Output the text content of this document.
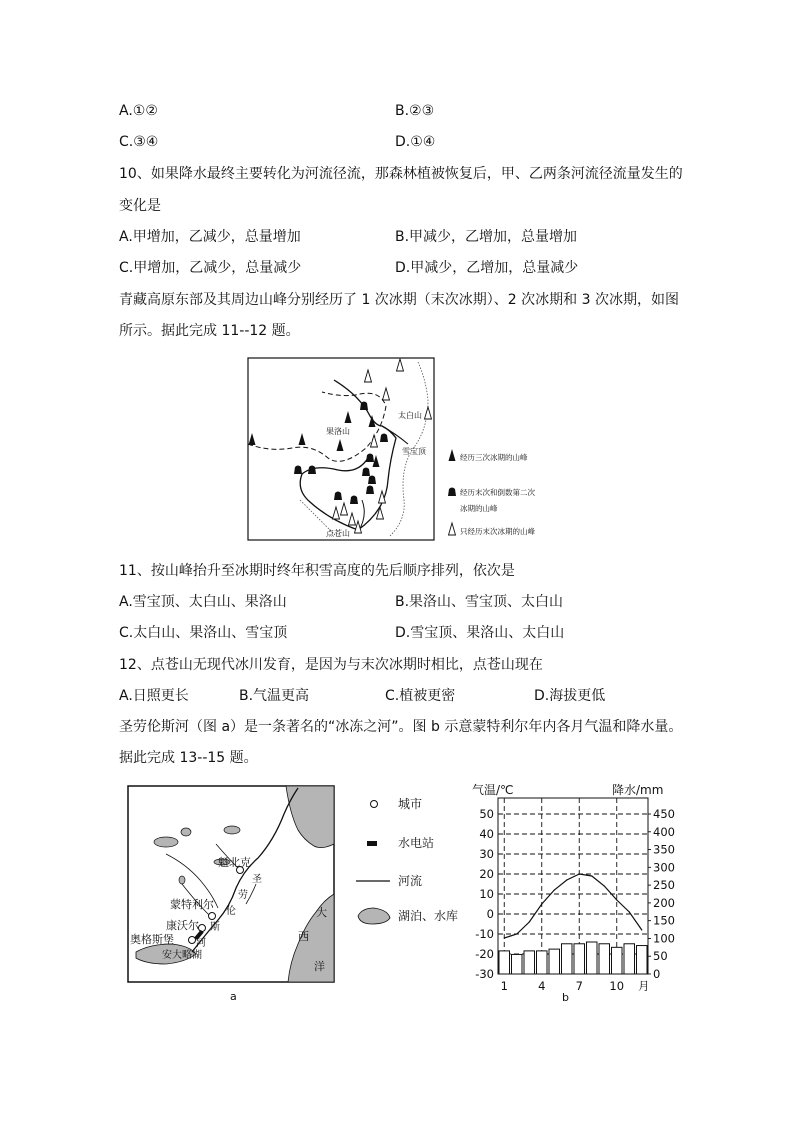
A.①②	B.②③
C.③④	D.①④
10、如果降水最终主要转化为河流径流，那森林植被恢复后，甲、乙两条河流径流量发生的
变化是
A.甲增加，乙减少，总量增加	B.甲减少，乙增加，总量增加
C.甲增加，乙减少，总量减少	D.甲减少，乙增加，总量减少
青藏高原东部及其周边山峰分别经历了 1 次冰期（末次冰期）、2 次冰期和 3 次冰期，如图
所示。据此完成 11--12 题。
太白山
果洛山
雪宝顶
点苍山
经历三次冰期的山峰
经历末次和倒数第二次
冰期的山峰
只经历末次冰期的山峰
11、按山峰抬升至冰期时终年积雪高度的先后顺序排列，依次是
A.雪宝顶、太白山、果洛山	B.果洛山、雪宝顶、太白山
C.太白山、果洛山、雪宝顶	D.雪宝顶、果洛山、太白山
12、点苍山无现代冰川发育，是因为与末次冰期时相比，点苍山现在
A.日照更长	B.气温更高	C.植被更密	D.海拔更低
圣劳伦斯河（图 a）是一条著名的“冰冻之河”。图 b 示意蒙特利尔年内各月气温和降水量。
据此完成 13--15 题。
魁北克
蒙特利尔
康沃尔
奥格斯堡
圣
劳
伦
斯
河
大
西
洋
安大略湖
a
城市
水电站
河流
湖泊、水库
气温/℃	降水/mm
b
50
40
30
20
10
0
-10
-20
-30
450
400
350
300
250
200
150
100
50
0
1	4	7 10 月
